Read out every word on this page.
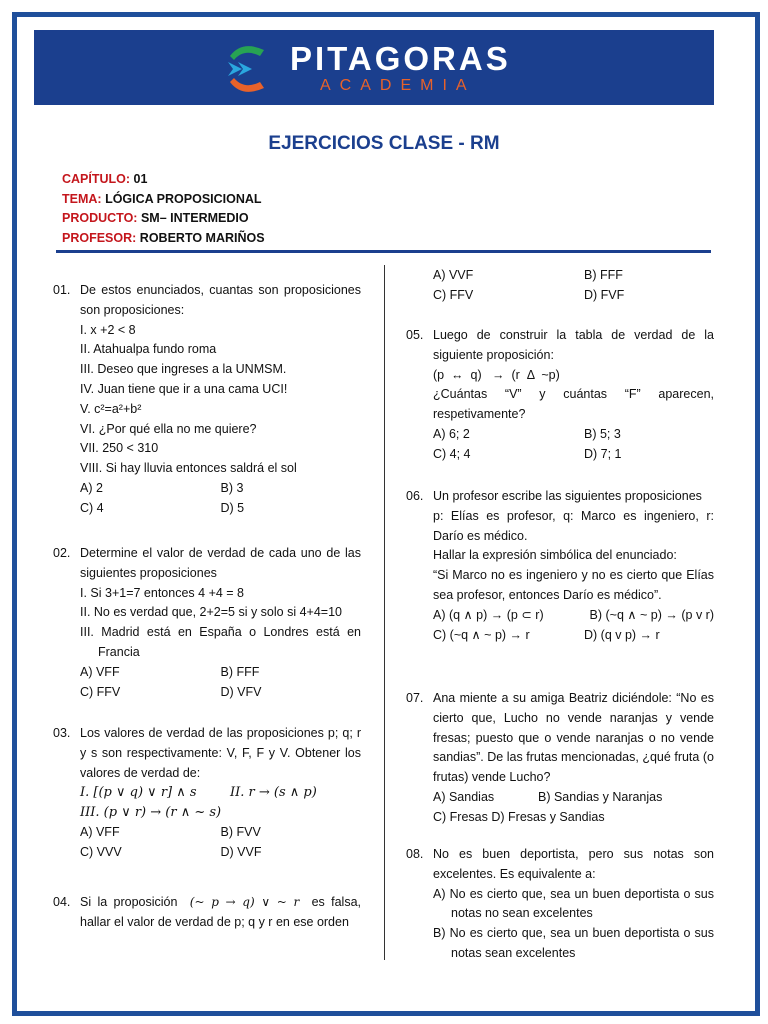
PITAGORAS
ACADEMIA
EJERCICIOS CLASE - RM
CAPÍTULO: 01
TEMA: LÓGICA PROPOSICIONAL
PRODUCTO: SM– INTERMEDIO
PROFESOR: ROBERTO MARIÑOS
01. De estos enunciados, cuantas son proposiciones son proposiciones:
I. x +2 < 8
II. Atahualpa fundo roma
III. Deseo que ingreses a la UNMSM.
IV. Juan tiene que ir a una cama UCI!
V. c²=a²+b²
VI. ¿Por qué ella no me quiere?
VII. 250 < 310
VIII. Si hay lluvia entonces saldrá el sol
A) 2	B) 3
C) 4	D) 5
02. Determine el valor de verdad de cada uno de las siguientes proposiciones
I. Si 3+1=7 entonces 4 +4 = 8
II. No es verdad que, 2+2=5 si y solo si 4+4=10
III. Madrid está en España o Londres está en Francia
A) VFF	B) FFF
C) FFV	D) VFV
03. Los valores de verdad de las proposiciones p; q; r y s son respectivamente: V, F, F y V. Obtener los valores de verdad de:
I. [(p ∨ q) ∨ r] ∧ s	II. r → (s ∧ p)
III. (p ∨ r) → (r ∧ ~ s)
A) VFF	B) FVV
C) VVV	D) VVF
04. Si la proposición (~ p → q) ∨ ~ r es falsa, hallar el valor de verdad de p; q y r en ese orden
A) VVF	B) FFF
C) FFV	D) FVF
05. Luego de construir la tabla de verdad de la siguiente proposición:
(p  ↔  q)   →  (r  Δ  ~p)
¿Cuántas “V” y cuántas “F” aparecen, respetivamente?
A) 6; 2	B) 5; 3
C) 4; 4	D) 7; 1
06. Un profesor escribe las siguientes proposiciones
p: Elías es profesor, q: Marco es ingeniero, r: Darío es médico.
Hallar la expresión simbólica del enunciado:
“Si Marco no es ingeniero y no es cierto que Elías sea profesor, entonces Darío es médico”.
A) (q ∧ p) → (p ⊂ r)	B) (~q ∧ ~ p) → (p v r)
C) (~q ∧ ~ p) → r	D) (q v p) → r
07. Ana miente a su amiga Beatriz diciéndole: “No es cierto que, Lucho no vende naranjas y vende fresas; puesto que o vende naranjas o no vende sandias”. De las frutas mencionadas, ¿qué fruta (o frutas) vende Lucho?
A) Sandias	B) Sandias y Naranjas
C) Fresas D) Fresas y Sandias
08. No es buen deportista, pero sus notas son excelentes. Es equivalente a:
A) No es cierto que, sea un buen deportista o sus notas no sean excelentes
B) No es cierto que, sea un buen deportista o sus notas sean excelentes
